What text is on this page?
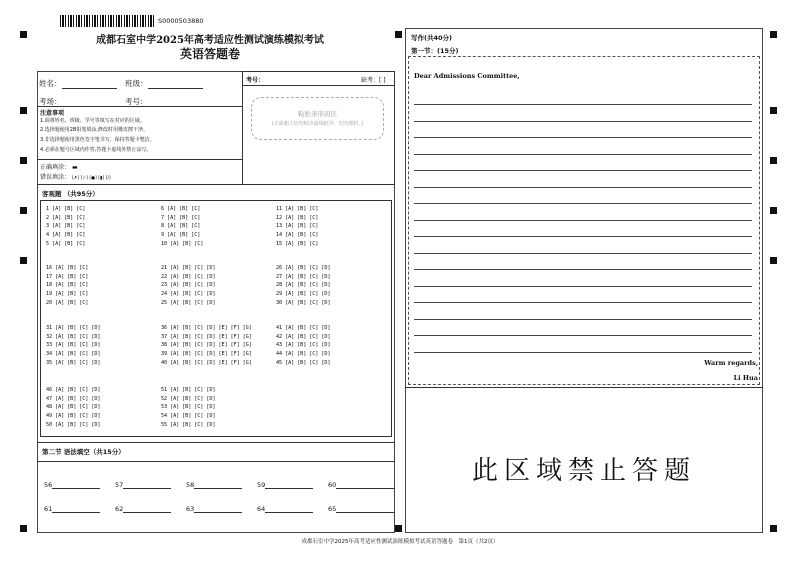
S0000503880
成都石室中学2025年高考适应性测试演练模拟考试
英语答题卷
姓名：	班级：
考场：	考号：
考号：	缺考：[ ]
粘贴条形码区
(正面朝上切勿贴出虚线框外，切勿褶折。)
注意事项
1.调将姓名、班级、学号等填写在对应的区域。
2.选择题使用2B铅笔填涂,修改时用橡皮擦干净。
3.非选择题使用黑色签字笔书写，保持答题卡整洁。
4.必须在题号区域内作答,答题卡虚线外禁止涂写。
正确填涂： ▬
错误填涂： [✗] [✓] [●] [▮] [/]
客观题 （共95分）
1 [A] [B] [C]	6 [A] [B] [C]	11 [A] [B] [C]
2 [A] [B] [C]	7 [A] [B] [C]	12 [A] [B] [C]
3 [A] [B] [C]	8 [A] [B] [C]	13 [A] [B] [C]
4 [A] [B] [C]	9 [A] [B] [C]	14 [A] [B] [C]
5 [A] [B] [C]	10 [A] [B] [C]	15 [A] [B] [C]
16 [A] [B] [C]	21 [A] [B] [C] [D]	26 [A] [B] [C] [D]
17 [A] [B] [C]	22 [A] [B] [C] [D]	27 [A] [B] [C] [D]
18 [A] [B] [C]	23 [A] [B] [C] [D]	28 [A] [B] [C] [D]
19 [A] [B] [C]	24 [A] [B] [C] [D]	29 [A] [B] [C] [D]
20 [A] [B] [C]	25 [A] [B] [C] [D]	30 [A] [B] [C] [D]
31 [A] [B] [C] [D]	36 [A] [B] [C] [D] [E] [F] [G]	41 [A] [B] [C] [D]
32 [A] [B] [C] [D]	37 [A] [B] [C] [D] [E] [F] [G]	42 [A] [B] [C] [D]
33 [A] [B] [C] [D]	38 [A] [B] [C] [D] [E] [F] [G]	43 [A] [B] [C] [D]
34 [A] [B] [C] [D]	39 [A] [B] [C] [D] [E] [F] [G]	44 [A] [B] [C] [D]
35 [A] [B] [C] [D]	40 [A] [B] [C] [D] [E] [F] [G]	45 [A] [B] [C] [D]
46 [A] [B] [C] [D]	51 [A] [B] [C] [D]
47 [A] [B] [C] [D]	52 [A] [B] [C] [D]
48 [A] [B] [C] [D]	53 [A] [B] [C] [D]
49 [A] [B] [C] [D]	54 [A] [B] [C] [D]
50 [A] [B] [C] [D]	55 [A] [B] [C] [D]
第二节 语法填空（共15分）
56	57	58	59	60
61	62	63	64	65
写作(共40分)
第一节：(15分)
Dear Admissions Committee,
Warm regards,
Li Hua
此区域禁止答题
成都石室中学2025年高考适应性测试演练模拟考试英语答题卷　第1页（共2页）
